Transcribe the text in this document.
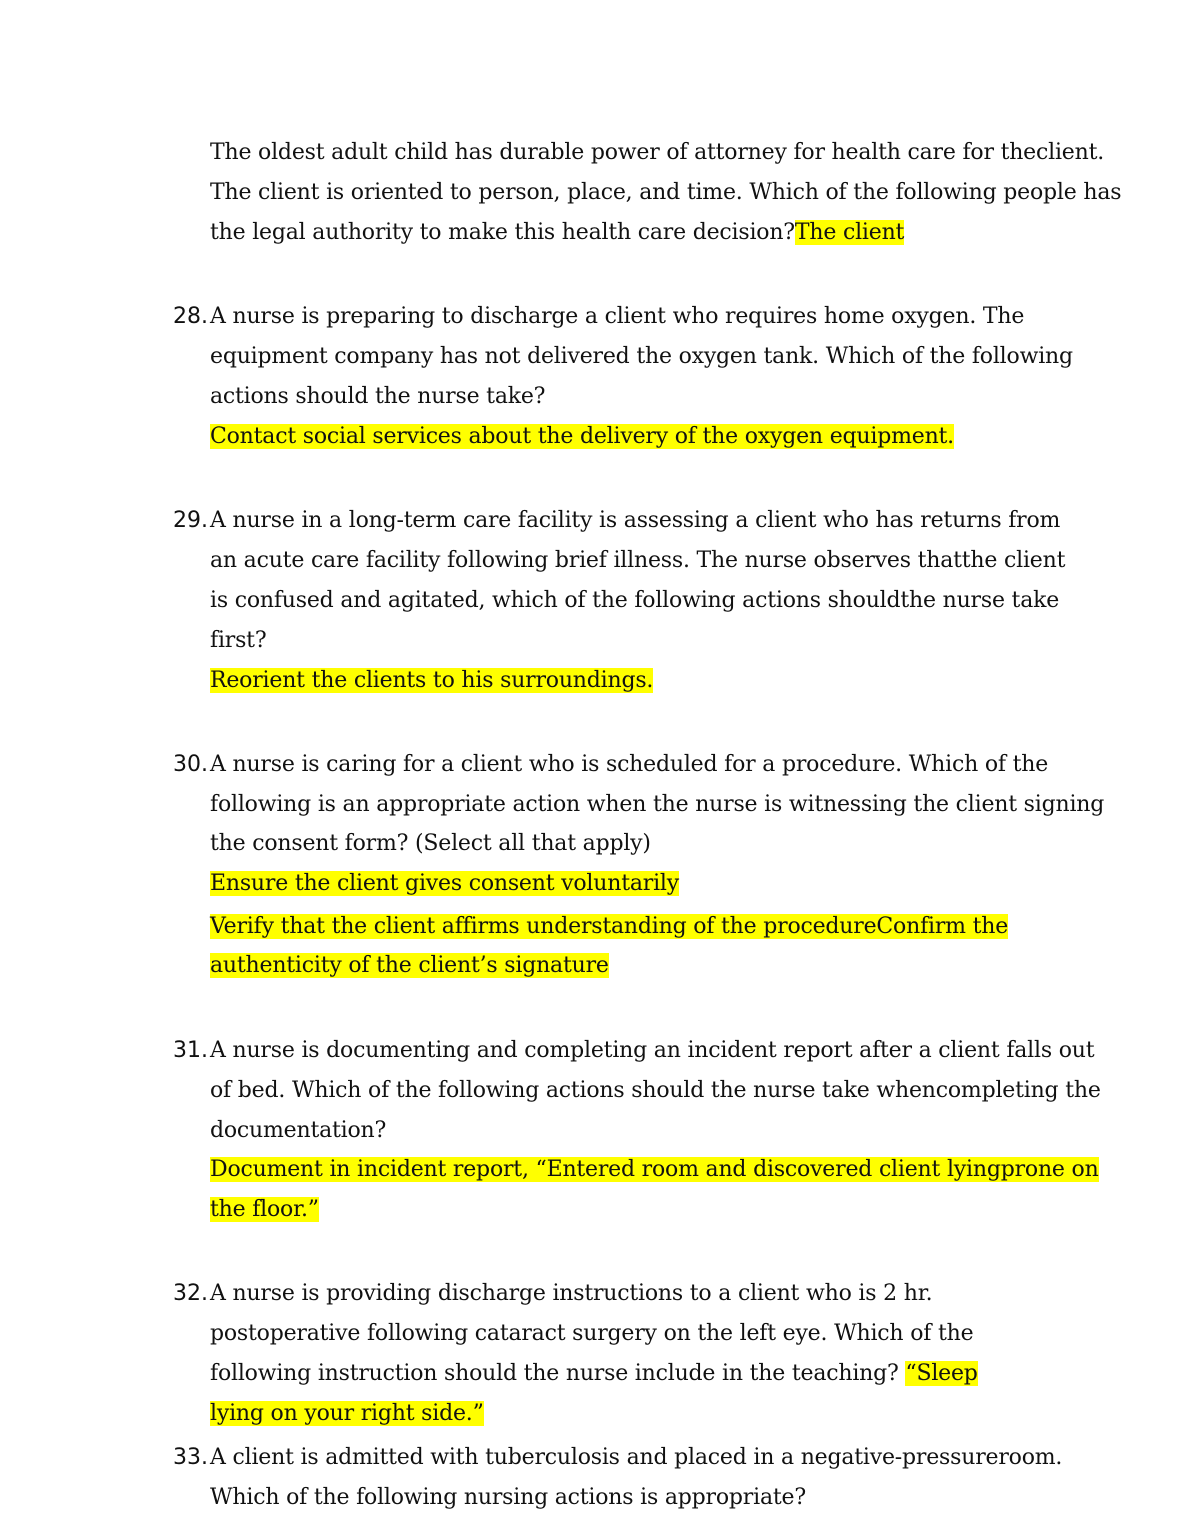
The oldest adult child has durable power of attorney for health care for theclient.
The client is oriented to person, place, and time. Which of the following people has
the legal authority to make this health care decision?The client
28. A nurse is preparing to discharge a client who requires home oxygen. The
equipment company has not delivered the oxygen tank. Which of the following
actions should the nurse take?
Contact social services about the delivery of the oxygen equipment.
29. A nurse in a long-term care facility is assessing a client who has returns from
an acute care facility following brief illness. The nurse observes thatthe client
is confused and agitated, which of the following actions shouldthe nurse take
first?
Reorient the clients to his surroundings.
30. A nurse is caring for a client who is scheduled for a procedure. Which of the
following is an appropriate action when the nurse is witnessing the client signing
the consent form? (Select all that apply)
Ensure the client gives consent voluntarily
Verify that the client affirms understanding of the procedureConfirm the
authenticity of the client’s signature
31. A nurse is documenting and completing an incident report after a client falls out
of bed. Which of the following actions should the nurse take whencompleting the
documentation?
Document in incident report, “Entered room and discovered client lyingprone on
the floor.”
32. A nurse is providing discharge instructions to a client who is 2 hr.
postoperative following cataract surgery on the left eye. Which of the
following instruction should the nurse include in the teaching? “Sleep
lying on your right side.”
33. A client is admitted with tuberculosis and placed in a negative-pressureroom.
Which of the following nursing actions is appropriate?
